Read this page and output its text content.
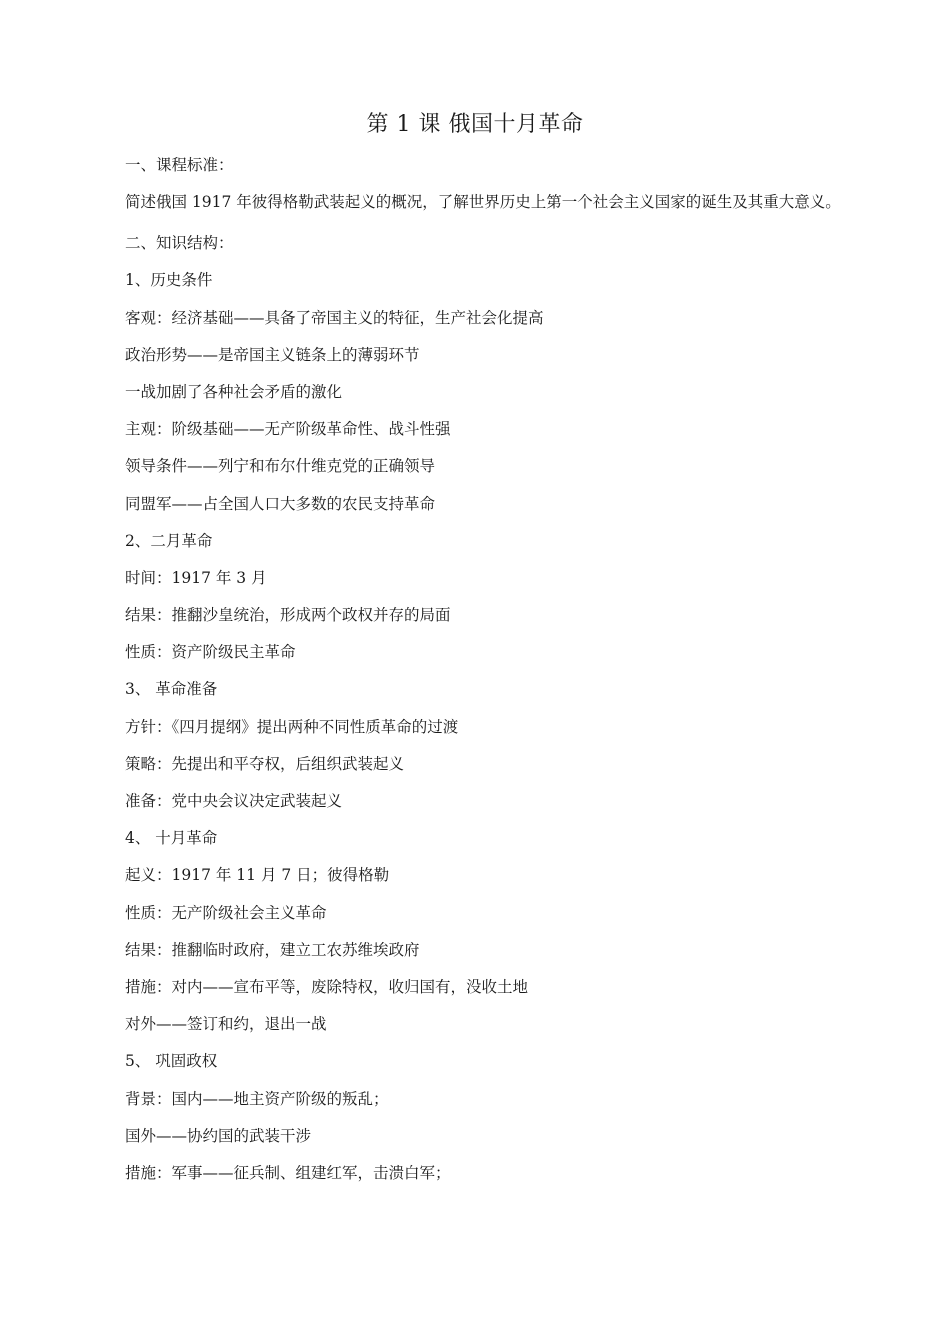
第 1 课 俄国十月革命
一、课程标准：
简述俄国 1917 年彼得格勒武装起义的概况，了解世界历史上第一个社会主义国家的诞生及其重大意义。
二、知识结构：
1、历史条件
客观：经济基础——具备了帝国主义的特征，生产社会化提高
政治形势——是帝国主义链条上的薄弱环节
一战加剧了各种社会矛盾的激化
主观：阶级基础——无产阶级革命性、战斗性强
领导条件——列宁和布尔什维克党的正确领导
同盟军——占全国人口大多数的农民支持革命
2、二月革命
时间：1917 年 3 月
结果：推翻沙皇统治，形成两个政权并存的局面
性质：资产阶级民主革命
3、 革命准备
方针：《四月提纲》提出两种不同性质革命的过渡
策略：先提出和平夺权，后组织武装起义
准备：党中央会议决定武装起义
4、 十月革命
起义：1917 年 11 月 7 日；彼得格勒
性质：无产阶级社会主义革命
结果：推翻临时政府，建立工农苏维埃政府
措施：对内——宣布平等，废除特权，收归国有，没收土地
对外——签订和约，退出一战
5、 巩固政权
背景：国内——地主资产阶级的叛乱；
国外——协约国的武装干涉
措施：军事——征兵制、组建红军，击溃白军；
